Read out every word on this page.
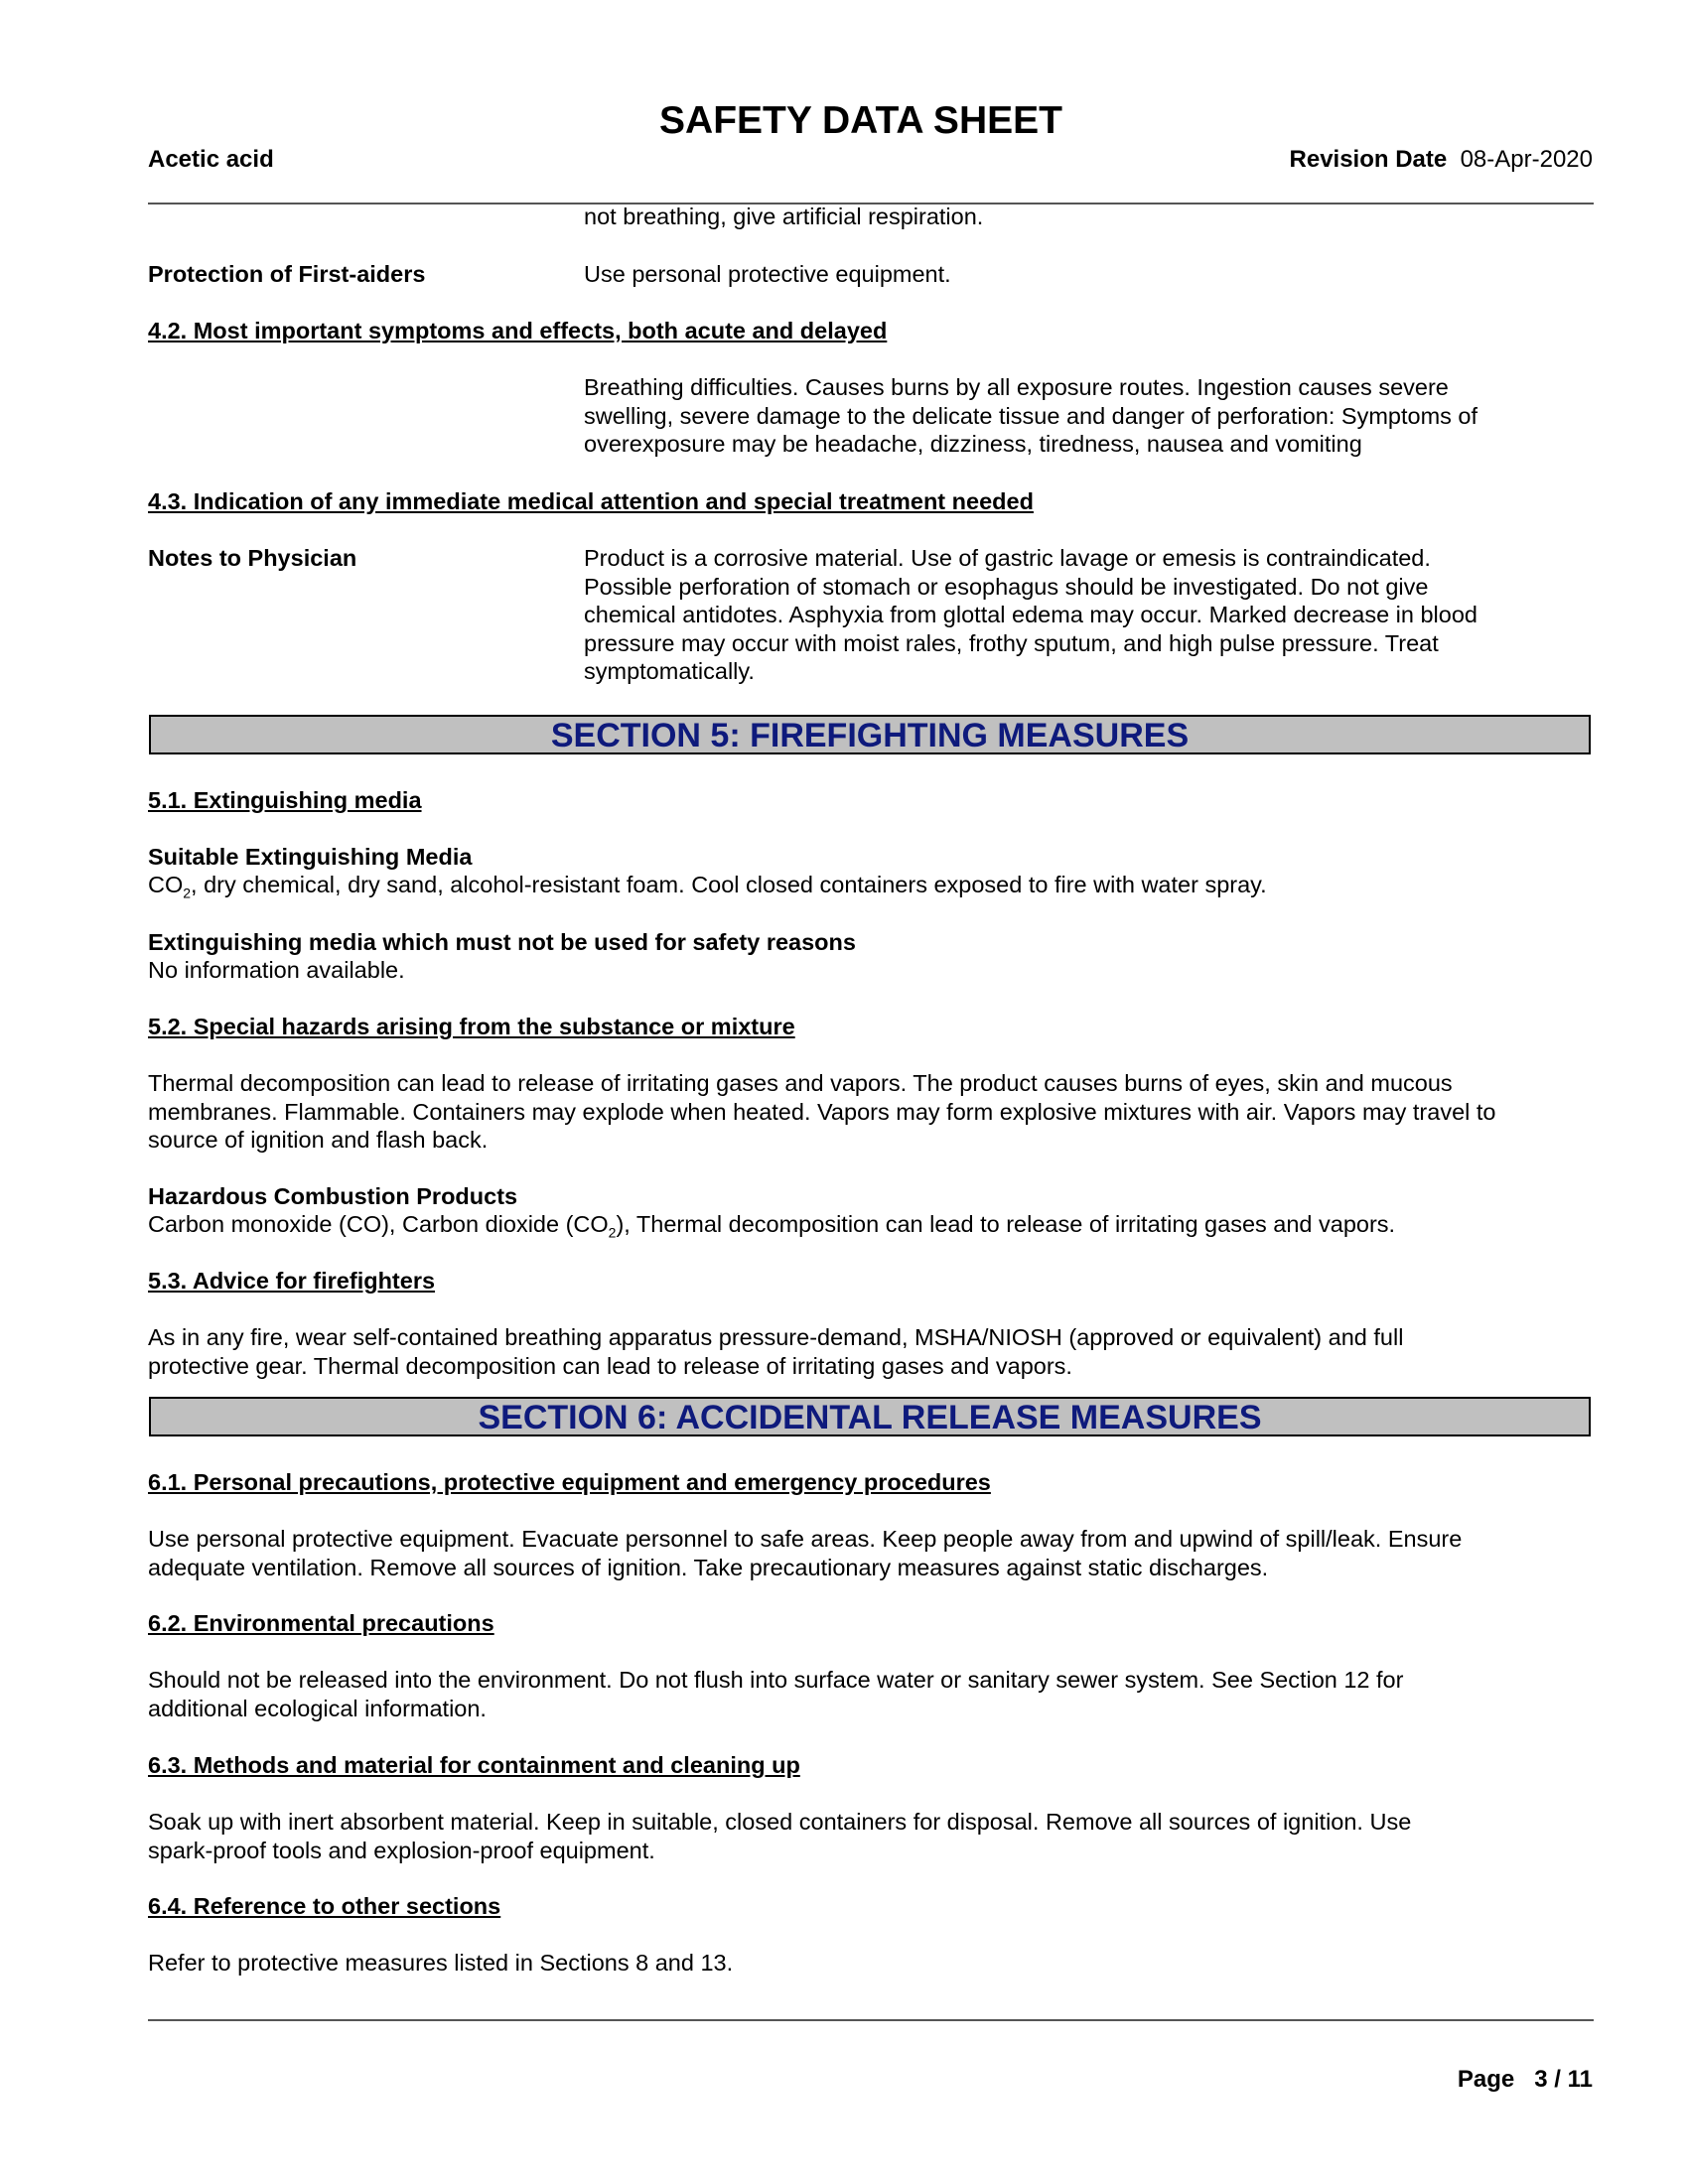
SAFETY DATA SHEET
Acetic acid	Revision Date 08-Apr-2020
not breathing, give artificial respiration.
Protection of First-aiders	Use personal protective equipment.
4.2. Most important symptoms and effects, both acute and delayed
Breathing difficulties. Causes burns by all exposure routes. Ingestion causes severe
swelling, severe damage to the delicate tissue and danger of perforation: Symptoms of
overexposure may be headache, dizziness, tiredness, nausea and vomiting
4.3. Indication of any immediate medical attention and special treatment needed
Notes to Physician	Product is a corrosive material. Use of gastric lavage or emesis is contraindicated.
Possible perforation of stomach or esophagus should be investigated. Do not give
chemical antidotes. Asphyxia from glottal edema may occur. Marked decrease in blood
pressure may occur with moist rales, frothy sputum, and high pulse pressure. Treat
symptomatically.
SECTION 5: FIREFIGHTING MEASURES
5.1. Extinguishing media
Suitable Extinguishing Media
$CO_2$, dry chemical, dry sand, alcohol-resistant foam. Cool closed containers exposed to fire with water spray.
Extinguishing media which must not be used for safety reasons
No information available.
5.2. Special hazards arising from the substance or mixture
Thermal decomposition can lead to release of irritating gases and vapors. The product causes burns of eyes, skin and mucous
membranes. Flammable. Containers may explode when heated. Vapors may form explosive mixtures with air. Vapors may travel to
source of ignition and flash back.
Hazardous Combustion Products
Carbon monoxide (CO), Carbon dioxide $(CO_2)$, Thermal decomposition can lead to release of irritating gases and vapors.
5.3. Advice for firefighters
As in any fire, wear self-contained breathing apparatus pressure-demand, MSHA/NIOSH (approved or equivalent) and full
protective gear. Thermal decomposition can lead to release of irritating gases and vapors.
SECTION 6: ACCIDENTAL RELEASE MEASURES
6.1. Personal precautions, protective equipment and emergency procedures
Use personal protective equipment. Evacuate personnel to safe areas. Keep people away from and upwind of spill/leak. Ensure
adequate ventilation. Remove all sources of ignition. Take precautionary measures against static discharges.
6.2. Environmental precautions
Should not be released into the environment. Do not flush into surface water or sanitary sewer system. See Section 12 for
additional ecological information.
6.3. Methods and material for containment and cleaning up
Soak up with inert absorbent material. Keep in suitable, closed containers for disposal. Remove all sources of ignition. Use
spark-proof tools and explosion-proof equipment.
6.4. Reference to other sections
Refer to protective measures listed in Sections 8 and 13.
Page 3 / 11
